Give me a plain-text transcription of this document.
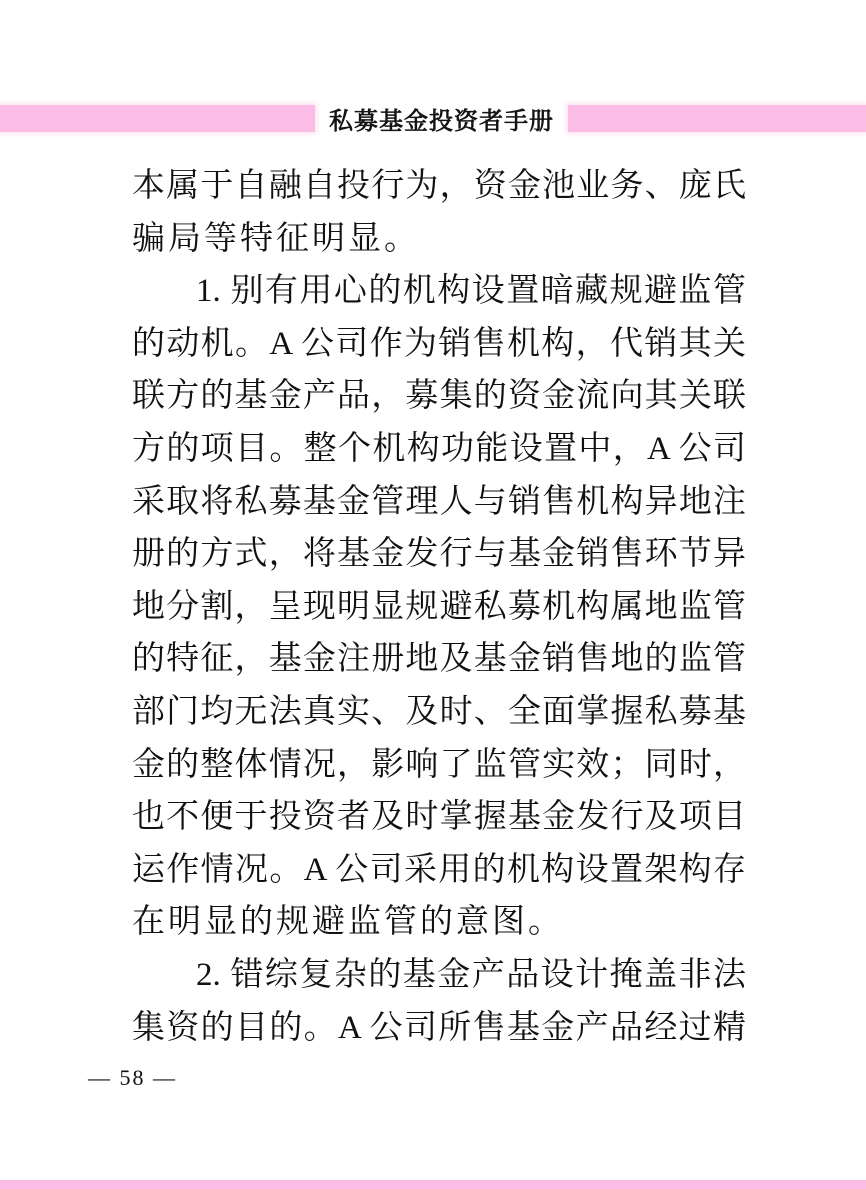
私募基金投资者手册
本属于自融自投行为，资金池业务、庞氏
骗局等特征明显。
1. 别有用心的机构设置暗藏规避监管
的动机。A 公司作为销售机构，代销其关
联方的基金产品，募集的资金流向其关联
方的项目。整个机构功能设置中，A 公司
采取将私募基金管理人与销售机构异地注
册的方式，将基金发行与基金销售环节异
地分割，呈现明显规避私募机构属地监管
的特征，基金注册地及基金销售地的监管
部门均无法真实、及时、全面掌握私募基
金的整体情况，影响了监管实效；同时，
也不便于投资者及时掌握基金发行及项目
运作情况。A 公司采用的机构设置架构存
在明显的规避监管的意图。
2. 错综复杂的基金产品设计掩盖非法
集资的目的。A 公司所售基金产品经过精
— 58 —
